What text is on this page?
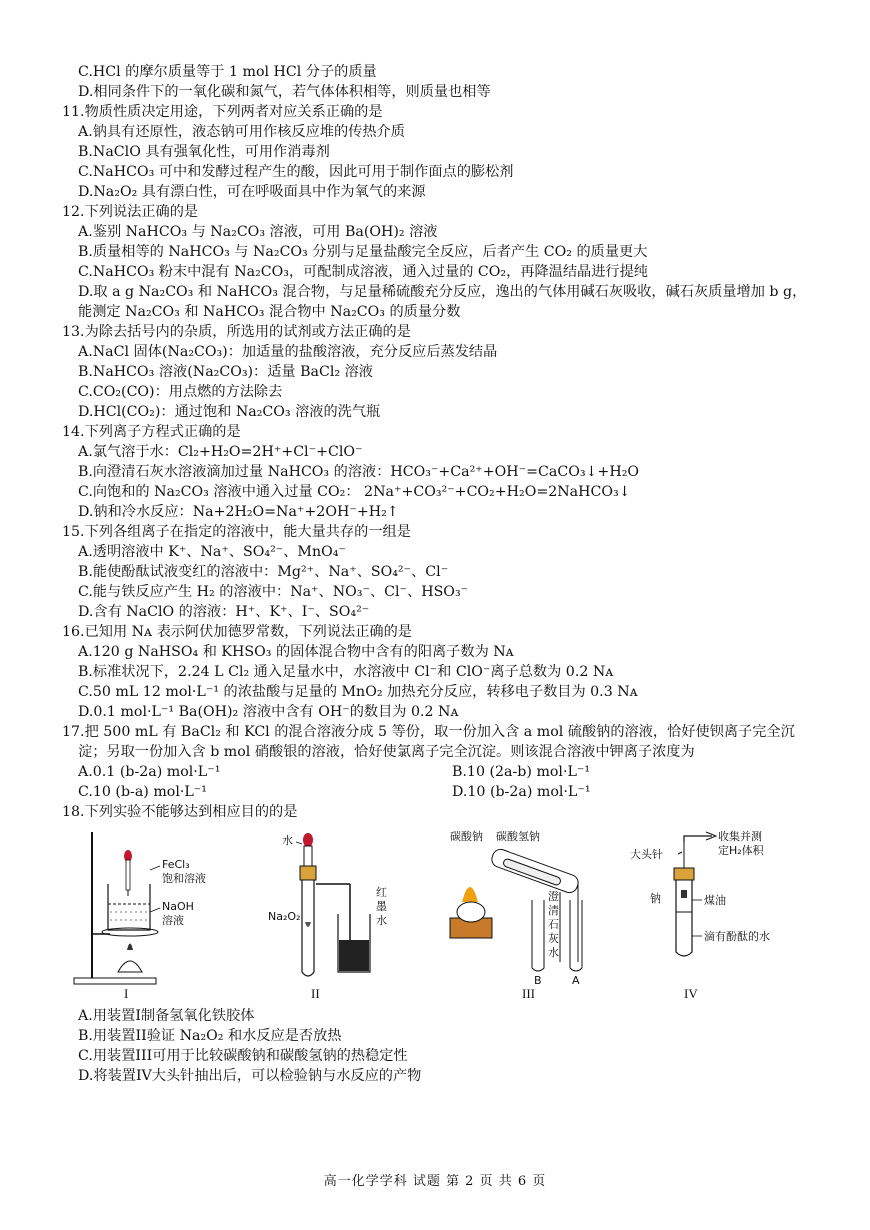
C.HCl 的摩尔质量等于 1 mol HCl 分子的质量
D.相同条件下的一氧化碳和氮气，若气体体积相等，则质量也相等
11.物质性质决定用途，下列两者对应关系正确的是
A.钠具有还原性，液态钠可用作核反应堆的传热介质
B.NaClO 具有强氧化性，可用作消毒剂
C.NaHCO₃ 可中和发酵过程产生的酸，因此可用于制作面点的膨松剂
D.Na₂O₂ 具有漂白性，可在呼吸面具中作为氧气的来源
12.下列说法正确的是
A.鉴别 NaHCO₃ 与 Na₂CO₃ 溶液，可用 Ba(OH)₂ 溶液
B.质量相等的 NaHCO₃ 与 Na₂CO₃ 分别与足量盐酸完全反应，后者产生 CO₂ 的质量更大
C.NaHCO₃ 粉末中混有 Na₂CO₃，可配制成溶液，通入过量的 CO₂，再降温结晶进行提纯
D.取 a g Na₂CO₃ 和 NaHCO₃ 混合物，与足量稀硫酸充分反应，逸出的气体用碱石灰吸收，碱石灰质量增加 b g，
能测定 Na₂CO₃ 和 NaHCO₃ 混合物中 Na₂CO₃ 的质量分数
13.为除去括号内的杂质，所选用的试剂或方法正确的是
A.NaCl 固体(Na₂CO₃)：加适量的盐酸溶液，充分反应后蒸发结晶
B.NaHCO₃ 溶液(Na₂CO₃)：适量 BaCl₂ 溶液
C.CO₂(CO)：用点燃的方法除去
D.HCl(CO₂)：通过饱和 Na₂CO₃ 溶液的洗气瓶
14.下列离子方程式正确的是
A.氯气溶于水：Cl₂+H₂O=2H⁺+Cl⁻+ClO⁻
B.向澄清石灰水溶液滴加过量 NaHCO₃ 的溶液：HCO₃⁻+Ca²⁺+OH⁻=CaCO₃↓+H₂O
C.向饱和的 Na₂CO₃ 溶液中通入过量 CO₂： 2Na⁺+CO₃²⁻+CO₂+H₂O=2NaHCO₃↓
D.钠和冷水反应：Na+2H₂O=Na⁺+2OH⁻+H₂↑
15.下列各组离子在指定的溶液中，能大量共存的一组是
A.透明溶液中 K⁺、Na⁺、SO₄²⁻、MnO₄⁻
B.能使酚酞试液变红的溶液中：Mg²⁺、Na⁺、SO₄²⁻、Cl⁻
C.能与铁反应产生 H₂ 的溶液中：Na⁺、NO₃⁻、Cl⁻、HSO₃⁻
D.含有 NaClO 的溶液：H⁺、K⁺、I⁻、SO₄²⁻
16.已知用 Nᴀ 表示阿伏加德罗常数，下列说法正确的是
A.120 g NaHSO₄ 和 KHSO₃ 的固体混合物中含有的阳离子数为 Nᴀ
B.标准状况下，2.24 L Cl₂ 通入足量水中，水溶液中 Cl⁻和 ClO⁻离子总数为 0.2 Nᴀ
C.50 mL 12 mol·L⁻¹ 的浓盐酸与足量的 MnO₂ 加热充分反应，转移电子数目为 0.3 Nᴀ
D.0.1 mol·L⁻¹ Ba(OH)₂ 溶液中含有 OH⁻的数目为 0.2 Nᴀ
17.把 500 mL 有 BaCl₂ 和 KCl 的混合溶液分成 5 等份，取一份加入含 a mol 硫酸钠的溶液，恰好使钡离子完全沉
淀；另取一份加入含 b mol 硝酸银的溶液，恰好使氯离子完全沉淀。则该混合溶液中钾离子浓度为
A.0.1 (b-2a) mol·L⁻¹	B.10 (2a-b) mol·L⁻¹
C.10 (b-a) mol·L⁻¹	D.10 (b-2a) mol·L⁻¹
18.下列实验不能够达到相应目的的是
A.用装置I制备氢氧化铁胶体
B.用装置II验证 Na₂O₂ 和水反应是否放热
C.用装置III可用于比较碳酸钠和碳酸氢钠的热稳定性
D.将装置IV大头针抽出后，可以检验钠与水反应的产物
FeCl₃
饱和溶液
NaOH
溶液
水
Na₂O₂
红
墨
水
碳酸钠 碳酸氢钠
澄
清
石
灰
水
B	A
大头针
收集并测
定H₂体积
钠	煤油
滴有酚酞的水
I	II	III	IV
高一化学学科 试题 第 2 页 共 6 页
